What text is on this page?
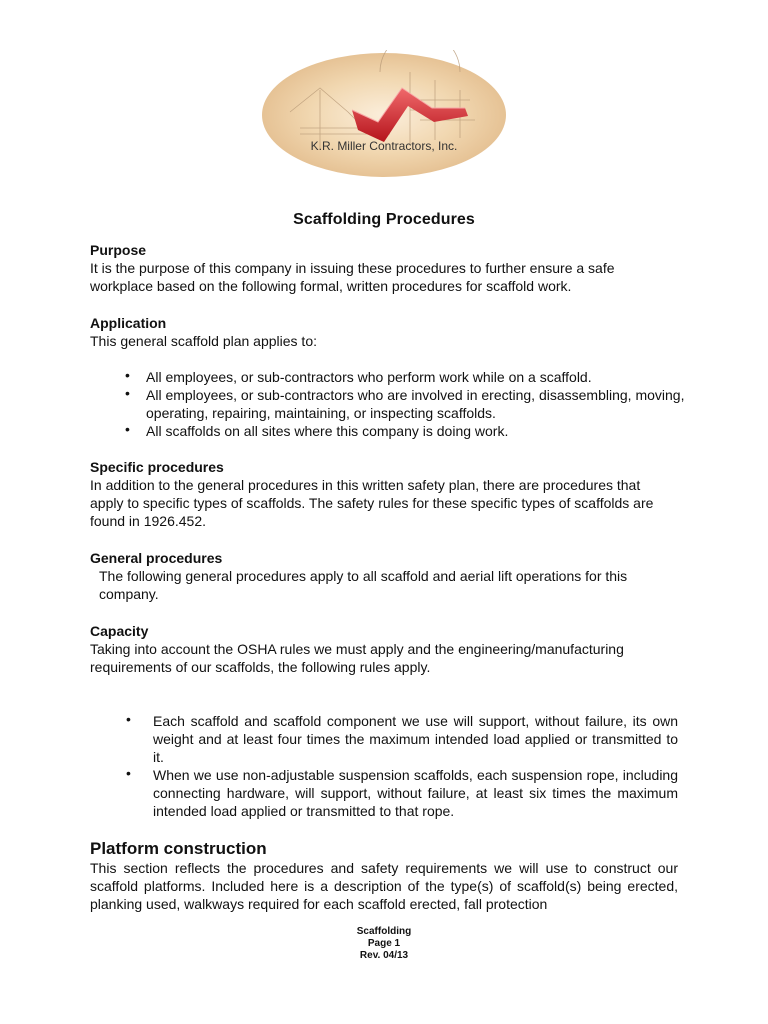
K.R. Miller Contractors, Inc.
Scaffolding Procedures

Purpose

It is the purpose of this company in issuing these procedures to further ensure a safe workplace based on the following formal, written procedures for scaffold work.

Application

This general scaffold plan applies to:

• All employees, or sub-contractors who perform work while on a scaffold.
• All employees, or sub-contractors who are involved in erecting, disassembling, moving, operating, repairing, maintaining, or inspecting scaffolds.
• All scaffolds on all sites where this company is doing work.

Specific procedures

In addition to the general procedures in this written safety plan, there are procedures that apply to specific types of scaffolds. The safety rules for these specific types of scaffolds are found in 1926.452.

General procedures

The following general procedures apply to all scaffold and aerial lift operations for this company.

Capacity

Taking into account the OSHA rules we must apply and the engineering/manufacturing requirements of our scaffolds, the following rules apply.

• Each scaffold and scaffold component we use will support, without failure, its own weight and at least four times the maximum intended load applied or transmitted to it.
• When we use non-adjustable suspension scaffolds, each suspension rope, including connecting hardware, will support, without failure, at least six times the maximum intended load applied or transmitted to that rope.

Platform construction

This section reflects the procedures and safety requirements we will use to construct our scaffold platforms. Included here is a description of the type(s) of scaffold(s) being erected, planking used, walkways required for each scaffold erected, fall protection

Scaffolding
Page 1
Rev. 04/13
